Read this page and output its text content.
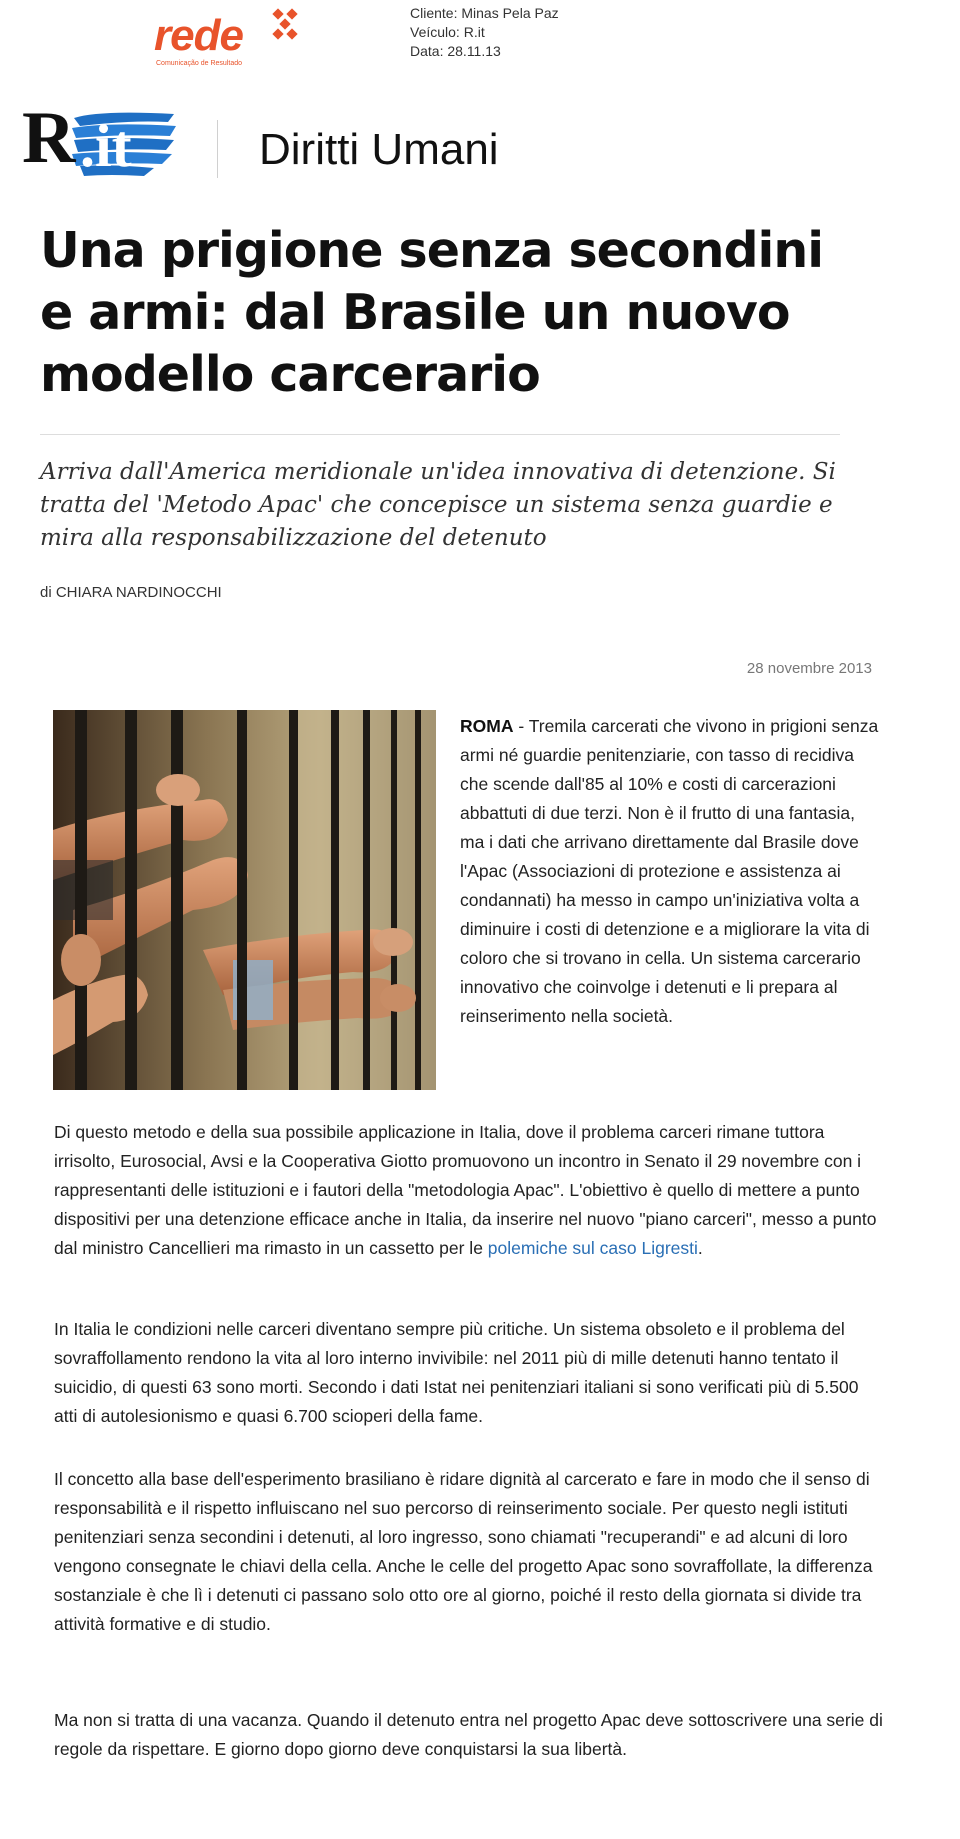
rede
Comunicação de Resultado
Cliente: Minas Pela Paz
Veículo: R.it
Data: 28.11.13
R .it	Diritti Umani
Una prigione senza secondini e armi: dal Brasile un nuovo modello carcerario

Arriva dall'America meridionale un'idea innovativa di detenzione. Si tratta del 'Metodo Apac' che concepisce un sistema senza guardie e mira alla responsabilizzazione del detenuto

di CHIARA NARDINOCCHI
28 novembre 2013

ROMA - Tremila carcerati che vivono in prigioni senza armi né guardie penitenziarie, con tasso di recidiva che scende dall'85 al 10% e costi di carcerazioni abbattuti di due terzi. Non è il frutto di una fantasia, ma i dati che arrivano direttamente dal Brasile dove l'Apac (Associazioni di protezione e assistenza ai condannati) ha messo in campo un'iniziativa volta a diminuire i costi di detenzione e a migliorare la vita di coloro che si trovano in cella. Un sistema carcerario innovativo che coinvolge i detenuti e li prepara al reinserimento nella società.

Di questo metodo e della sua possibile applicazione in Italia, dove il problema carceri rimane tuttora irrisolto, Eurosocial, Avsi e la Cooperativa Giotto promuovono un incontro in Senato il 29 novembre con i rappresentanti delle istituzioni e i fautori della "metodologia Apac". L'obiettivo è quello di mettere a punto dispositivi per una detenzione efficace anche in Italia, da inserire nel nuovo "piano carceri", messo a punto dal ministro Cancellieri ma rimasto in un cassetto per le polemiche sul caso Ligresti.

In Italia le condizioni nelle carceri diventano sempre più critiche. Un sistema obsoleto e il problema del sovraffollamento rendono la vita al loro interno invivibile: nel 2011 più di mille detenuti hanno tentato il suicidio, di questi 63 sono morti. Secondo i dati Istat nei penitenziari italiani si sono verificati più di 5.500 atti di autolesionismo e quasi 6.700 scioperi della fame.

Il concetto alla base dell'esperimento brasiliano è ridare dignità al carcerato e fare in modo che il senso di responsabilità e il rispetto influiscano nel suo percorso di reinserimento sociale. Per questo negli istituti penitenziari senza secondini i detenuti, al loro ingresso, sono chiamati "recuperandi" e ad alcuni di loro vengono consegnate le chiavi della cella. Anche le celle del progetto Apac sono sovraffollate, la differenza sostanziale è che lì i detenuti ci passano solo otto ore al giorno, poiché il resto della giornata si divide tra attività formative e di studio.

Ma non si tratta di una vacanza. Quando il detenuto entra nel progetto Apac deve sottoscrivere una serie di regole da rispettare. E giorno dopo giorno deve conquistarsi la sua libertà.
